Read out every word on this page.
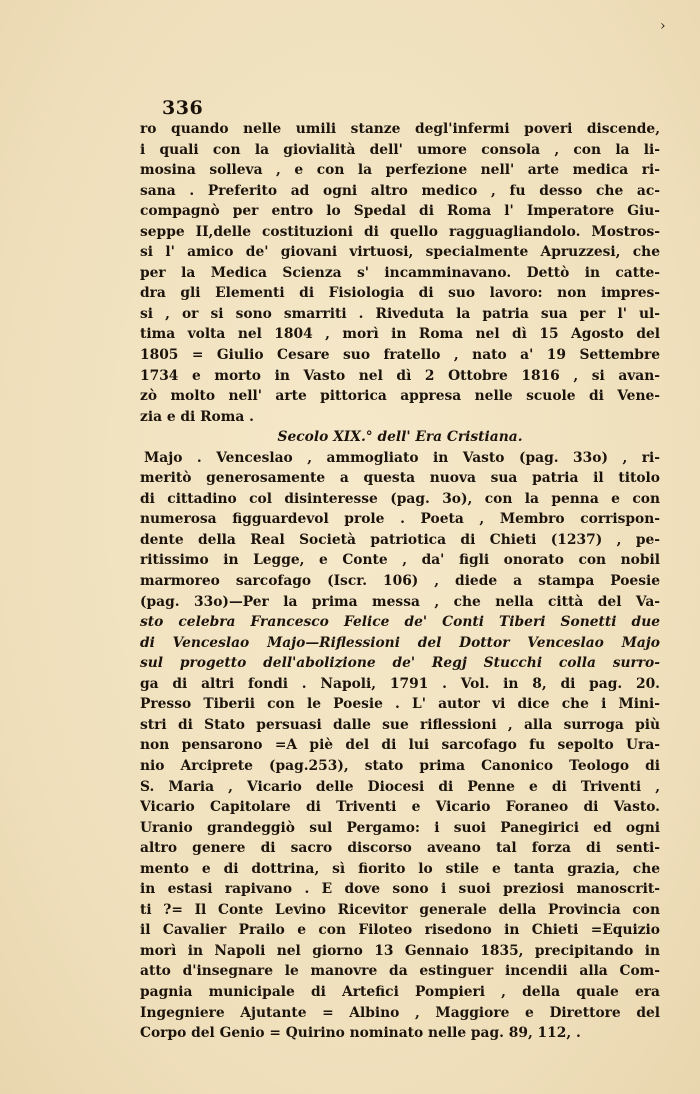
›
336
ro quando nelle umili stanze degl'infermi poveri discende,
i quali con la giovialità dell' umore consola , con la li-
mosina solleva , e con la perfezione nell' arte medica ri-
sana . Preferito ad ogni altro medico , fu desso che ac-
compagnò per entro lo Spedal di Roma l' Imperatore Giu-
seppe II,delle costituzioni di quello ragguagliandolo. Mostros-
si l' amico de' giovani virtuosi, specialmente Apruzzesi, che
per la Medica Scienza s' incamminavano. Dettò in catte-
dra gli Elementi di Fisiologia di suo lavoro: non impres-
si , or si sono smarriti . Riveduta la patria sua per l' ul-
tima volta nel 1804 , morì in Roma nel dì 15 Agosto del
1805 = Giulio Cesare suo fratello , nato a' 19 Settembre
1734 e morto in Vasto nel dì 2 Ottobre 1816 , si avan-
zò molto nell' arte pittorica appresa nelle scuole di Vene-
zia e di Roma .
Secolo XIX.° dell' Era Cristiana.
Majo . Venceslao , ammogliato in Vasto (pag. 33o) , ri-
meritò generosamente a questa nuova sua patria il titolo
di cittadino col disinteresse (pag. 3o), con la penna e con
numerosa figguardevol prole . Poeta , Membro corrispon-
dente della Real Società patriotica di Chieti (1237) , pe-
ritissimo in Legge, e Conte , da' figli onorato con nobil
marmoreo sarcofago (Iscr. 106) , diede a stampa Poesie
(pag. 33o)—Per la prima messa , che nella città del Va-
sto celebra Francesco Felice de' Conti Tiberi Sonetti due
di Venceslao Majo—Riflessioni del Dottor Venceslao Majo
sul progetto dell'abolizione de' Regj Stucchi colla surro-
ga di altri fondi . Napoli, 1791 . Vol. in 8, di pag. 20.
Presso Tiberii con le Poesie . L' autor vi dice che i Mini-
stri di Stato persuasi dalle sue riflessioni , alla surroga più
non pensarono =A piè del di lui sarcofago fu sepolto Ura-
nio Arciprete (pag.253), stato prima Canonico Teologo di
S. Maria , Vicario delle Diocesi di Penne e di Triventi ,
Vicario Capitolare di Triventi e Vicario Foraneo di Vasto.
Uranio grandeggiò sul Pergamo: i suoi Panegirici ed ogni
altro genere di sacro discorso aveano tal forza di senti-
mento e di dottrina, sì fiorito lo stile e tanta grazia, che
in estasi rapivano . E dove sono i suoi preziosi manoscrit-
ti ?= Il Conte Levino Ricevitor generale della Provincia con
il Cavalier Prailo e con Filoteo risedono in Chieti =Equizio
morì in Napoli nel giorno 13 Gennaio 1835, precipitando in
atto d'insegnare le manovre da estinguer incendii alla Com-
pagnia municipale di Artefici Pompieri , della quale era
Ingegniere Ajutante = Albino , Maggiore e Direttore del
Corpo del Genio = Quirino nominato nelle pag. 89, 112, .
